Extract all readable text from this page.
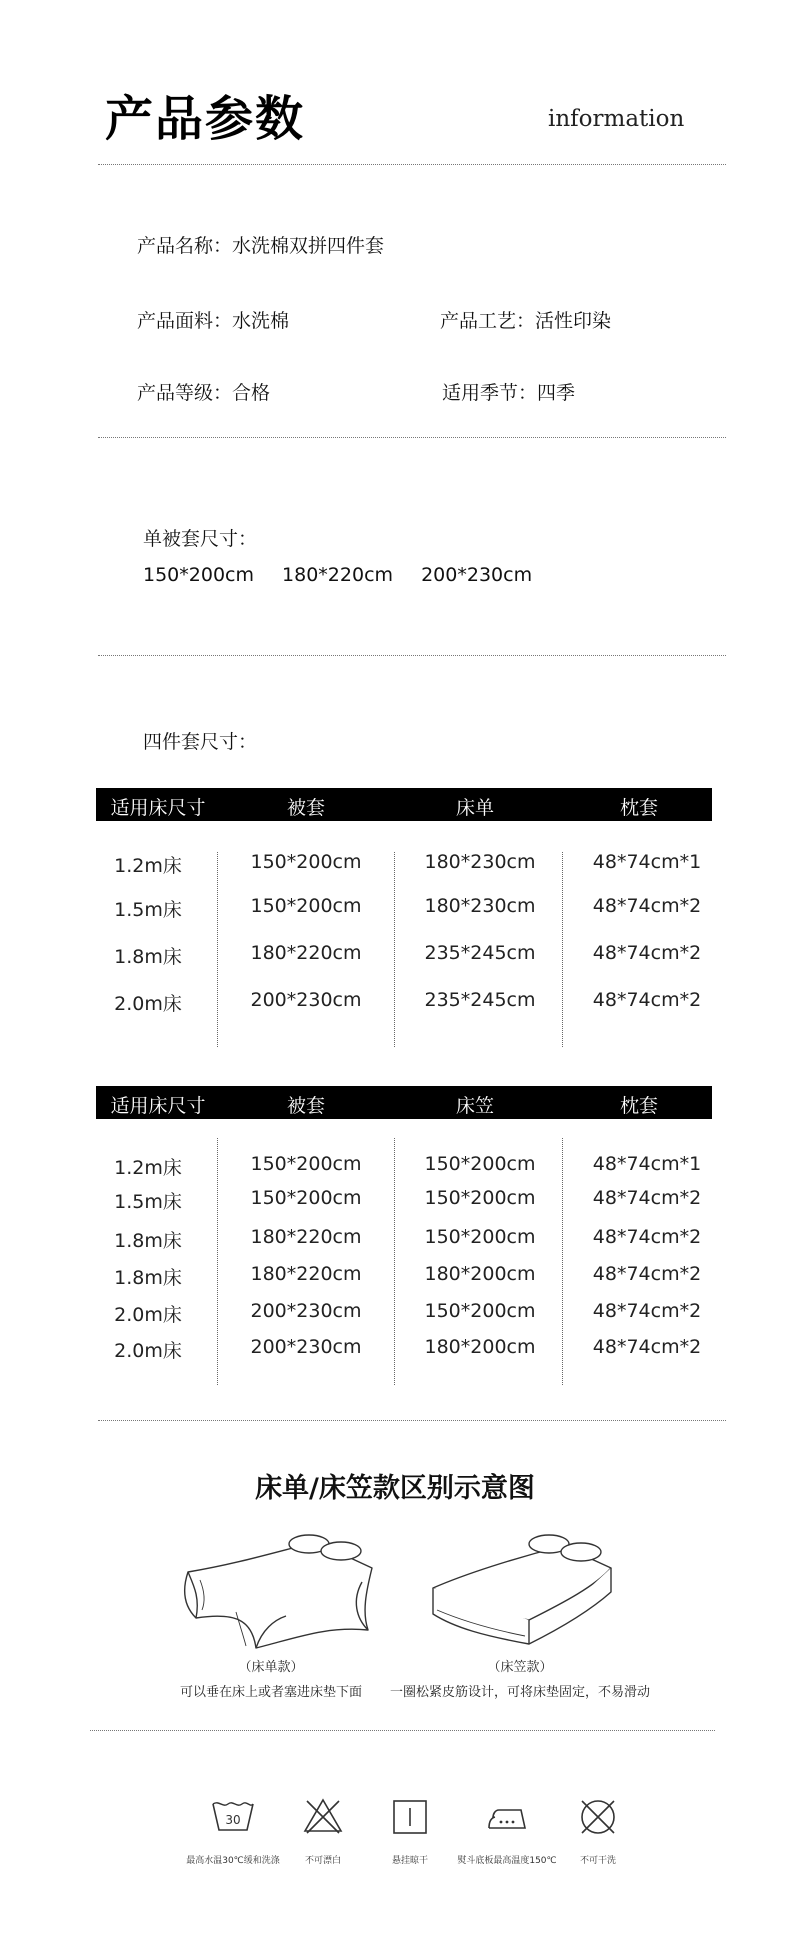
产品参数	information
产品名称：水洗棉双拼四件套
产品面料：水洗棉	产品工艺：活性印染
产品等级：合格	适用季节：四季
单被套尺寸：
150*200cm 180*220cm 200*230cm
四件套尺寸：
适用床尺寸	被套	床单	枕套
1.2m床	150*200cm	180*230cm	48*74cm*1
1.5m床	150*200cm	180*230cm	48*74cm*2
1.8m床	180*220cm	235*245cm	48*74cm*2
2.0m床	200*230cm	235*245cm	48*74cm*2
适用床尺寸	被套	床笠	枕套
1.2m床	150*200cm	150*200cm	48*74cm*1
1.5m床	150*200cm	150*200cm	48*74cm*2
1.8m床	180*220cm	150*200cm	48*74cm*2
1.8m床	180*220cm	180*200cm	48*74cm*2
2.0m床	200*230cm	150*200cm	48*74cm*2
2.0m床	200*230cm	180*200cm	48*74cm*2
床单/床笠款区别示意图
（床单款）
可以垂在床上或者塞进床垫下面
（床笠款）
一圈松紧皮筋设计，可将床垫固定，不易滑动
30
最高水温30℃缓和洗涤	不可漂白	悬挂晾干	熨斗底板最高温度150℃	不可干洗
